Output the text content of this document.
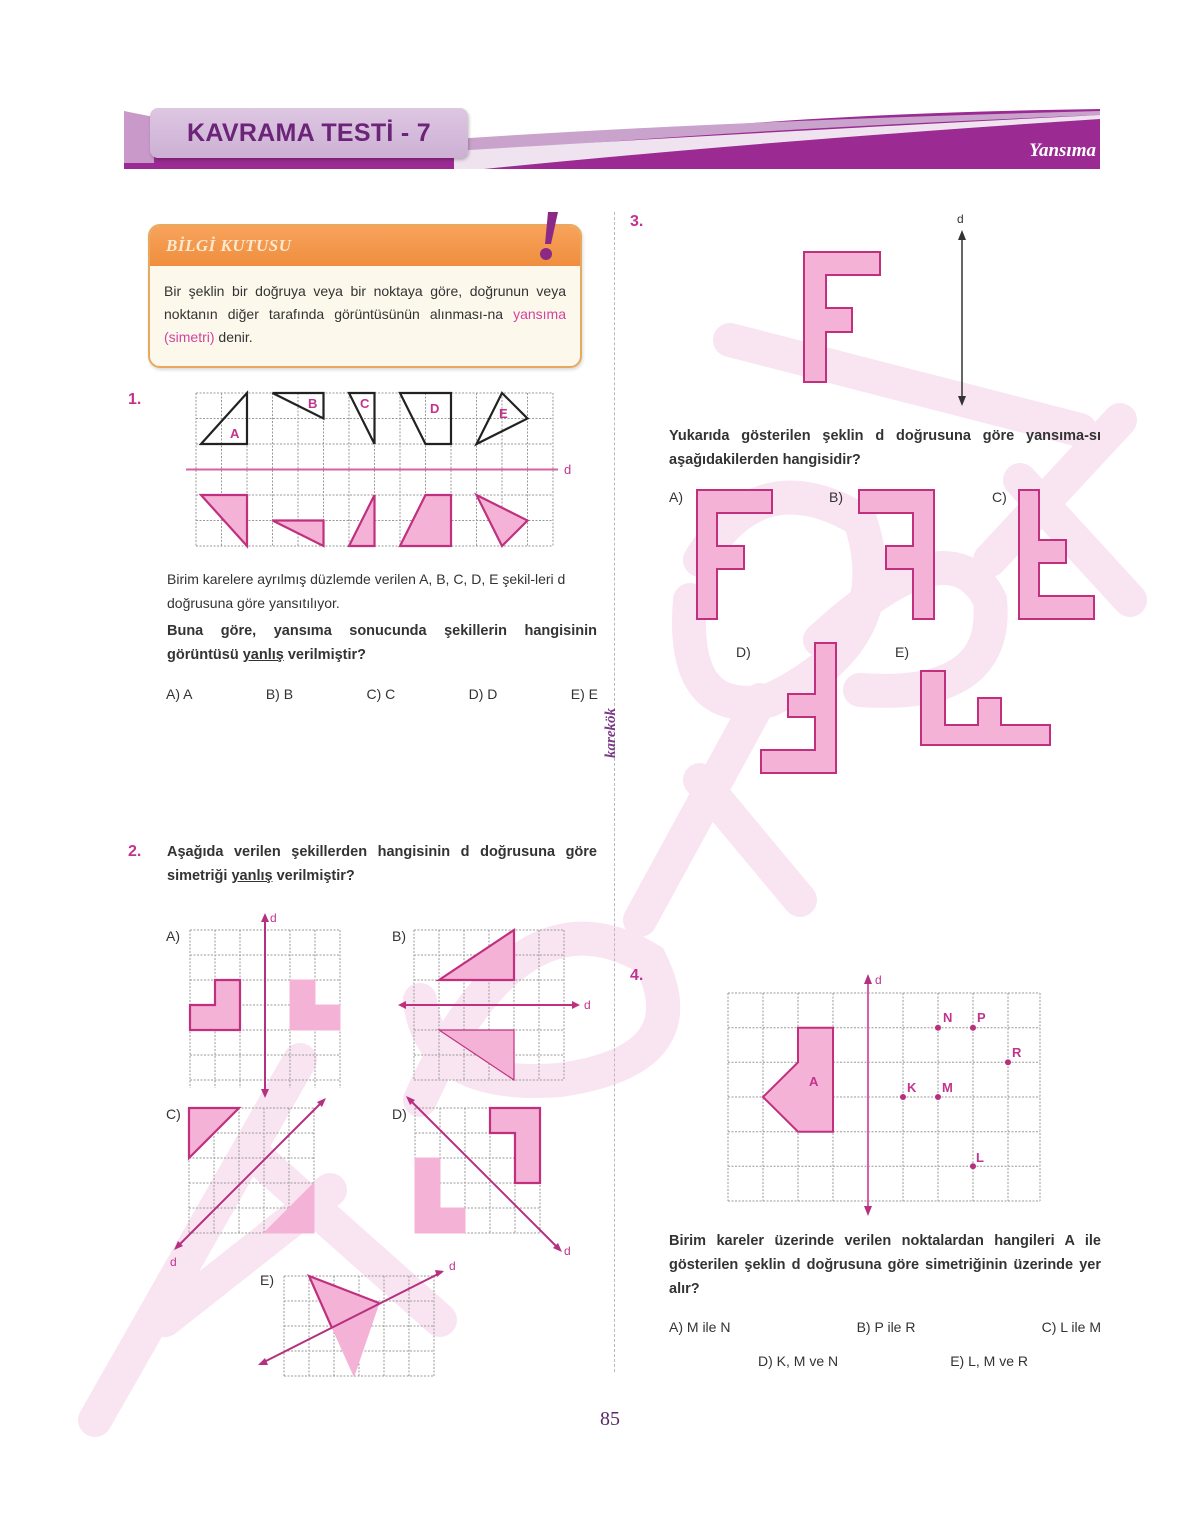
KAVRAMA TESTİ - 7
Yansıma
karekök
BİLGİ KUTUSU
Bir şeklin bir doğruya veya bir noktaya göre, doğrunun veya noktanın diğer tarafında görüntüsünün alınması-na yansıma (simetri) denir.
1.
d
A
B	C	D	E
Birim karelere ayrılmış düzlemde verilen A, B, C, D, E şekil-leri d doğrusuna göre yansıtılıyor.
Buna göre, yansıma sonucunda şekillerin hangisinin görüntüsü yanlış verilmiştir?
A) A	B) B	C) C	D) D	E) E
2. Aşağıda verilen şekillerden hangisinin d doğrusuna göre simetriği yanlış verilmiştir?
A)
d
B)
d
C)
d
D)
d
E)
d
3.	d
Yukarıda gösterilen şeklin d doğrusuna göre yansıma-sı aşağıdakilerden hangisidir?
A)	B)	C)
D)	E)
4.
A
d
N P
R
K M
L
Birim kareler üzerinde verilen noktalardan hangileri A ile gösterilen şeklin d doğrusuna göre simetriğinin üzerinde yer alır?
A) M ile N	B) P ile R	C) L ile M
D) K, M ve N	E) L, M ve R
85
